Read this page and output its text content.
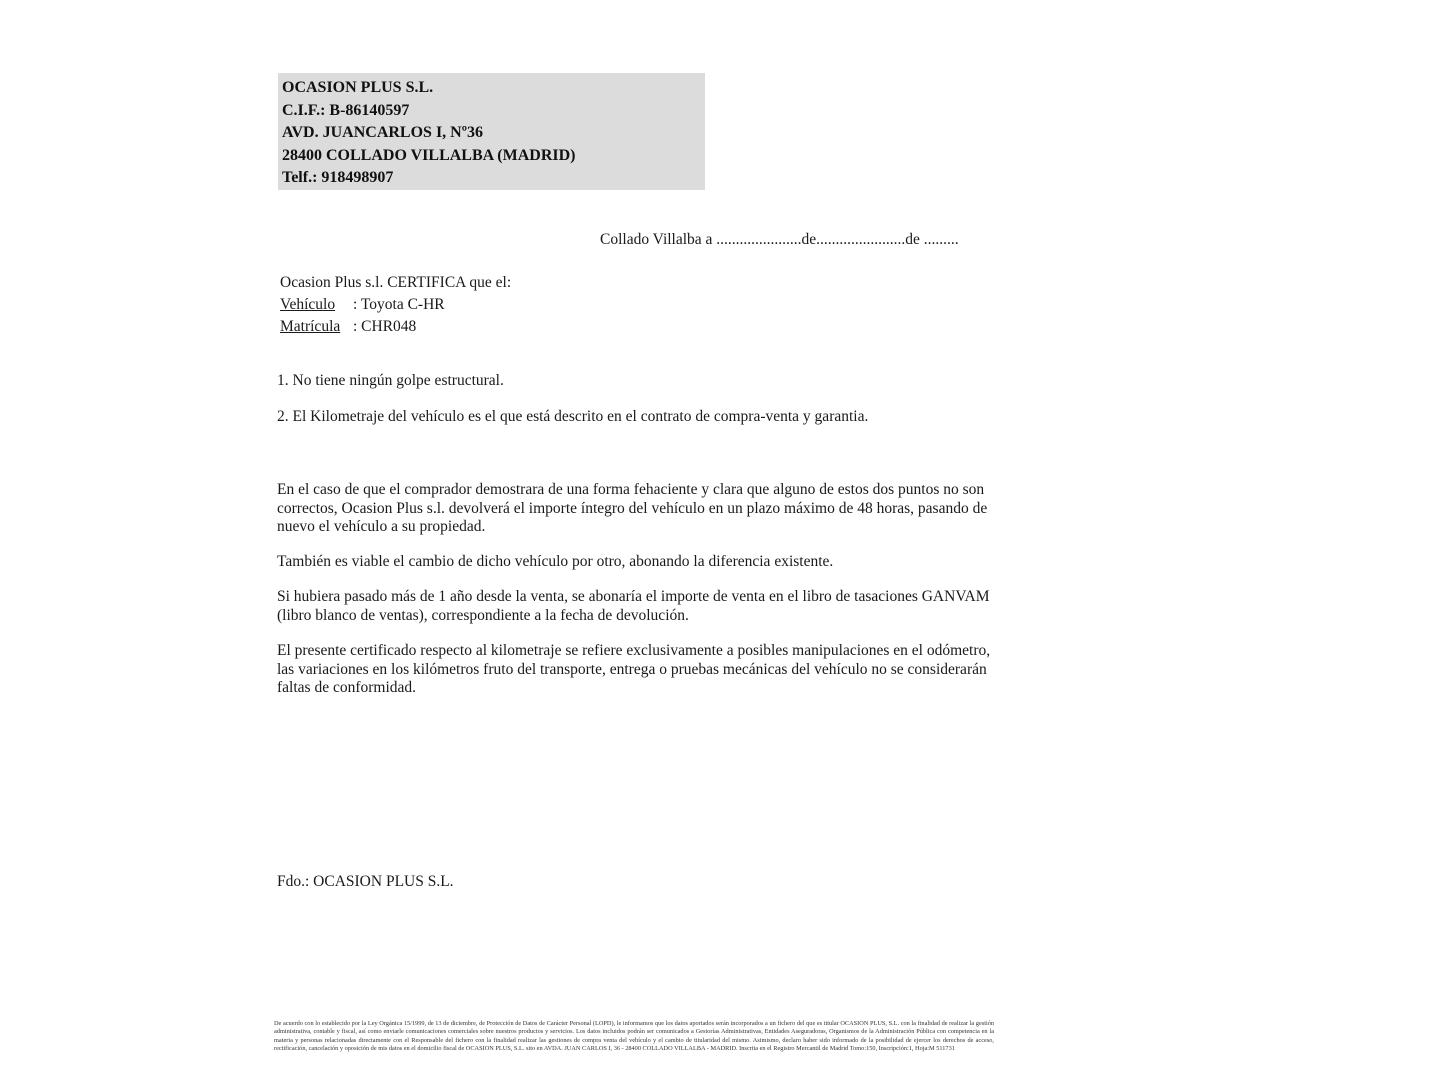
OCASION PLUS S.L.
C.I.F.: B-86140597
AVD. JUANCARLOS I, Nº36
28400 COLLADO VILLALBA (MADRID)
Telf.: 918498907
Collado Villalba a ......................de.......................de .........
Ocasion Plus s.l. CERTIFICA que el:
Vehículo	: Toyota C-HR
Matrícula : CHR048
1. No tiene ningún golpe estructural.
2. El Kilometraje del vehículo es el que está descrito en el contrato de compra-venta y garantia.
En el caso de que el comprador demostrara de una forma fehaciente y clara que alguno de estos dos puntos no son correctos, Ocasion Plus s.l. devolverá el importe íntegro del vehículo en un plazo máximo de 48 horas, pasando de nuevo el vehículo a su propiedad.
También es viable el cambio de dicho vehículo por otro, abonando la diferencia existente.
Si hubiera pasado más de 1 año desde la venta, se abonaría el importe de venta en el libro de tasaciones GANVAM (libro blanco de ventas), correspondiente a la fecha de devolución.
El presente certificado respecto al kilometraje se refiere exclusivamente a posibles manipulaciones en el odómetro, las variaciones en los kilómetros fruto del transporte, entrega o pruebas mecánicas del vehículo no se considerarán faltas de conformidad.
Fdo.: OCASION PLUS S.L.
De acuerdo con lo establecido por la Ley Orgánica 15/1999, de 13 de diciembre, de Protección de Datos de Carácter Personal (LOPD), le informamos que los datos aportados serán incorporados a un fichero del que es titular OCASION PLUS, S.L. con la finalidad de realizar la gestión administrativa, contable y fiscal, así como enviarle comunicaciones comerciales sobre nuestros productos y servicios. Los datos incluidos podrán ser comunicados a Gestorías Administrativas, Entidades Aseguradoras, Organismos de la Administración Pública con competencia en la materia y personas relacionadas directamente con el Responsable del fichero con la finalidad realizar las gestiones de compra venta del vehículo y el cambio de titularidad del mismo. Asimismo, declaro haber sido informado de la posibilidad de ejercer los derechos de acceso, rectificación, cancelación y oposición de mis datos en el domicilio fiscal de OCASION PLUS, S.L. sito en AVDA. JUAN CARLOS I, 36 - 28400 COLLADO VILLALBA - MADRID. Inscrita en el Registro Mercantil de Madrid Tomo:150, Inscripción:1, Hoja:M 511731
